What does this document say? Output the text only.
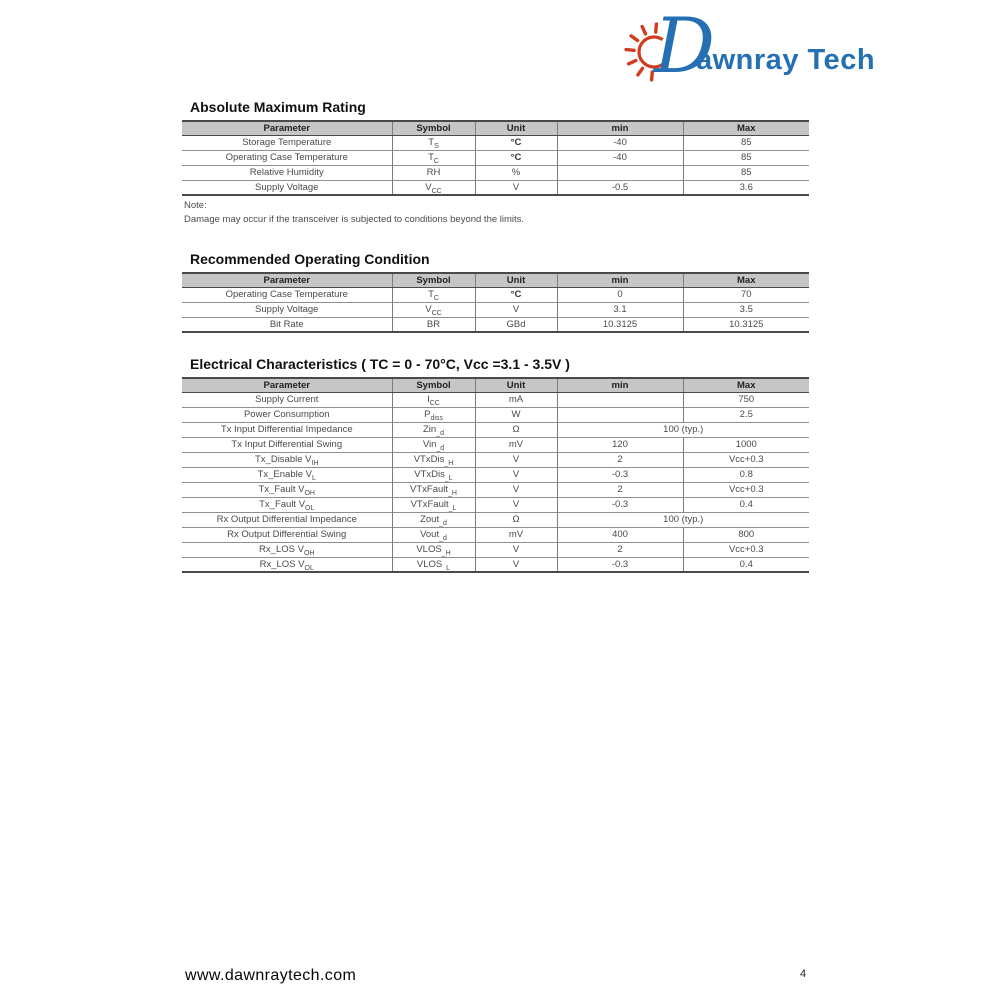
D
awnray Tech
Absolute Maximum Rating
Parameter	Symbol	Unit	min	Max
Storage Temperature	$T_S$	°C	-40	85
Operating Case Temperature	$T_C$	°C	-40	85
Relative Humidity	RH	%		85
Supply Voltage	$V_{CC}$	V	-0.5	3.6
Note:
Damage may occur if the transceiver is subjected to conditions beyond the limits.
Recommended Operating Condition
Parameter	Symbol	Unit	min	Max
Operating Case Temperature	$T_C$	°C	0	70
Supply Voltage	$V_{CC}$	V	3.1	3.5
Bit Rate	BR	GBd	10.3125	10.3125
Electrical Characteristics ( TC = 0 - 70°C, Vcc =3.1 - 3.5V )
Parameter	Symbol	Unit	min	Max
Supply Current	$I_{CC}$	mA		750
Power Consumption	$P_{diss}$	W		2.5
Tx Input Differential Impedance	Zin$_{\_d}$	Ω	100 (typ.)	
Tx Input Differential Swing	Vin$_{\_d}$	mV	120	1000
Tx_Disable $V_{IH}$	VTxDis$_{\_H}$	V	2	Vcc+0.3
Tx_Enable $V_L$	VTxDis$_{\_L}$	V	-0.3	0.8
Tx_Fault $V_{OH}$	VTxFault$_{\_H}$	V	2	Vcc+0.3
Tx_Fault $V_{OL}$	VTxFault$_{\_L}$	V	-0.3	0.4
Rx Output Differential Impedance	Zout$_{\_d}$	Ω	100 (typ.)	
Rx Output Differential Swing	Vout$_{\_d}$	mV	400	800
Rx_LOS $V_{OH}$	$VLOS_{\_H}$	V	2	Vcc+0.3
Rx_LOS $V_{OL}$	$VLOS_{\_L}$	V	-0.3	0.4
www.dawnraytech.com	4
